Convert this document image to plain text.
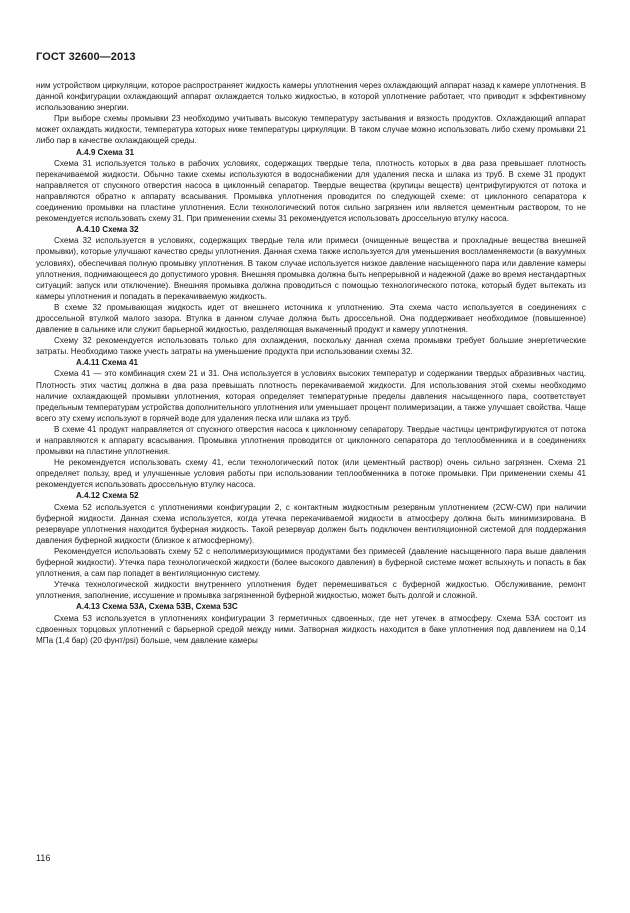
ГОСТ 32600—2013

ним устройством циркуляции, которое распространяет жидкость камеры уплотнения через охлаждающий аппарат назад к камере уплотнения. В данной конфигурации охлаждающий аппарат охлаждается только жидкостью, в которой уплотнение работает, что приводит к эффективному использованию энергии.

При выборе схемы промывки 23 необходимо учитывать высокую температуру застывания и вязкость продуктов. Охлаждающий аппарат может охлаждать жидкости, температура которых ниже температуры циркуляции. В таком случае можно использовать либо схему промывки 21 либо пар в качестве охлаждающей среды.

А.4.9 Схема 31

Схема 31 используется только в рабочих условиях, содержащих твердые тела, плотность которых в два раза превышает плотность перекачиваемой жидкости. Обычно такие схемы используются в водоснабжении для удаления песка и шлака из труб. В схеме 31 продукт направляется от спускного отверстия насоса в циклонный сепаратор. Твердые вещества (крупицы веществ) центрифугируются от потока и направляются обратно к аппарату всасывания. Промывка уплотнения проводится по следующей схеме: от циклонного сепаратора к соединению промывки на пластине уплотнения. Если технологический поток сильно загрязнен или является цементным раствором, то не рекомендуется использовать схему 31. При применении схемы 31 рекомендуется использовать дроссельную втулку насоса.

А.4.10 Схема 32

Схема 32 используется в условиях, содержащих твердые тела или примеси (очищенные вещества и прохладные вещества внешней промывки), которые улучшают качество среды уплотнения. Данная схема также используется для уменьшения воспламеняемости (в вакуумных условиях), обеспечивая полную промывку уплотнения. В таком случае используется низкое давление насыщенного пара или давление камеры уплотнения, поднимающееся до допустимого уровня. Внешняя промывка должна быть непрерывной и надежной (даже во время нестандартных ситуаций: запуск или отключение). Внешняя промывка должна проводиться с помощью технологического потока, который будет вытекать из камеры уплотнения и попадать в перекачиваемую жидкость.

В схеме 32 промывающая жидкость идет от внешнего источника к уплотнению. Эта схема часто используется в соединениях с дроссельной втулкой малого зазора. Втулка в данном случае должна быть дроссельной. Она поддерживает необходимое (повышенное) давление в сальнике или служит барьерной жидкостью, разделяющая выкаченный продукт и камеру уплотнения.

Схему 32 рекомендуется использовать только для охлаждения, поскольку данная схема промывки требует большие энергетические затраты. Необходимо также учесть затраты на уменьшение продукта при использовании схемы 32.

А.4.11 Схема 41

Схема 41 — это комбинация схем 21 и 31. Она используется в условиях высоких температур и содержании твердых абразивных частиц. Плотность этих частиц должна в два раза превышать плотность перекачиваемой жидкости. Для использования этой схемы необходимо наличие охлаждающей промывки уплотнения, которая определяет температурные пределы давления насыщенного пара, соответствует предельным температурам устройства дополнительного уплотнения или уменьшает процент полимеризации, а также улучшает свойства. Чаще всего эту схему используют в горячей воде для удаления песка или шлака из труб.

В схеме 41 продукт направляется от спускного отверстия насоса к циклонному сепаратору. Твердые частицы центрифугируются от потока и направляются к аппарату всасывания. Промывка уплотнения проводится от циклонного сепаратора до теплообменника и в соединениях промывки на пластине уплотнения.

Не рекомендуется использовать схему 41, если технологический поток (или цементный раствор) очень сильно загрязнен. Схема 21 определяет пользу, вред и улучшенные условия работы при использовании теплообменника в потоке промывки. При применении схемы 41 рекомендуется использовать дроссельную втулку насоса.

А.4.12 Схема 52

Схема 52 используется с уплотнениями конфигурации 2, с контактным жидкостным резервным уплотнением (2CW-CW) при наличии буферной жидкости. Данная схема используется, когда утечка перекачиваемой жидкости в атмосферу должна быть минимизирована. В резервуаре уплотнения находится буферная жидкость. Такой резервуар должен быть подключен вентиляционной системой для поддержания давления буферной жидкости (близкое к атмосферному).

Рекомендуется использовать схему 52 с неполимеризующимися продуктами без примесей (давление насыщенного пара выше давления буферной жидкости). Утечка пара технологической жидкости (более высокого давления) в буферной системе может вспыхнуть и попасть в бак уплотнения, а сам пар попадет в вентиляционную систему.

Утечка технологической жидкости внутреннего уплотнения будет перемешиваться с буферной жидкостью. Обслуживание, ремонт уплотнения, заполнение, иссушение и промывка загрязненной буферной жидкостью, может быть долгой и сложной.

А.4.13 Схема 53А, Схема 53В, Схема 53С

Схема 53 используется в уплотнениях конфигурации 3 герметичных сдвоенных, где нет утечек в атмосферу. Схема 53А состоит из сдвоенных торцовых уплотнений с барьерной средой между ними. Затворная жидкость находится в баке уплотнения под давлением на 0,14 МПа (1,4 бар) (20 фунт/psi) больше, чем давление камеры

116
